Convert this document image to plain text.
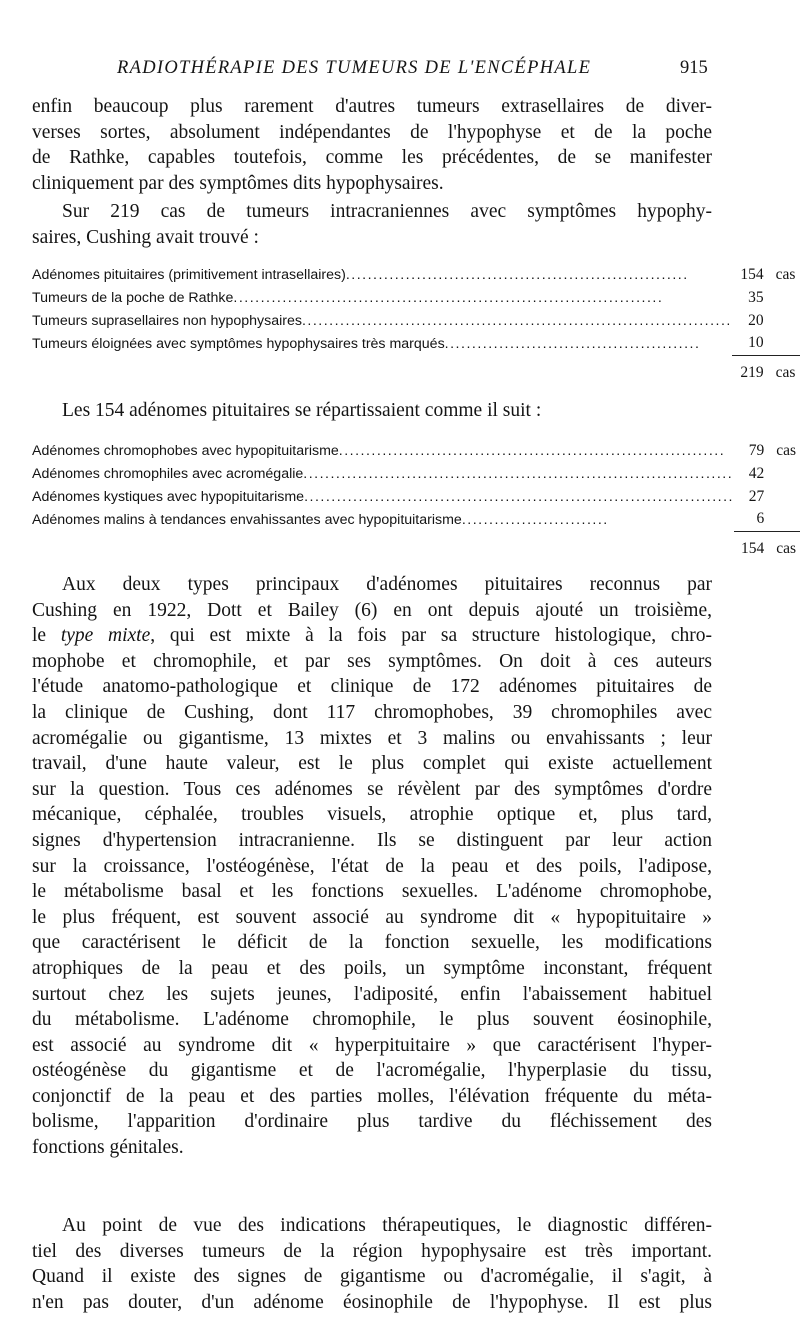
RADIOTHÉRAPIE DES TUMEURS DE L'ENCÉPHALE	915
enfin beaucoup plus rarement d'autres tumeurs extrasellaires de diver-
verses sortes, absolument indépendantes de l'hypophyse et de la poche
de Rathke, capables toutefois, comme les précédentes, de se manifester
cliniquement par des symptômes dits hypophysaires.
Sur 219 cas de tumeurs intracraniennes avec symptômes hypophy-
saires, Cushing avait trouvé :
Adénomes pituitaires (primitivement intrasellaires)...............................................................	154	cas
Tumeurs de la poche de Rathke...............................................................................	35	
Tumeurs suprasellaires non hypophysaires...............................................................................	20	
Tumeurs éloignées avec symptômes hypophysaires très marqués...............................................	10	
	219	cas
Les 154 adénomes pituitaires se répartissaient comme il suit :
Adénomes chromophobes avec hypopituitarisme.......................................................................	79	cas
Adénomes chromophiles avec acromégalie...............................................................................	42	
Adénomes kystiques avec hypopituitarisme...............................................................................	27	
Adénomes malins à tendances envahissantes avec hypopituitarisme...........................	6	
	154	cas
Aux deux types principaux d'adénomes pituitaires reconnus par
Cushing en 1922, Dott et Bailey (6) en ont depuis ajouté un troisième,
le type mixte, qui est mixte à la fois par sa structure histologique, chro-
mophobe et chromophile, et par ses symptômes. On doit à ces auteurs
l'étude anatomo-pathologique et clinique de 172 adénomes pituitaires de
la clinique de Cushing, dont 117 chromophobes, 39 chromophiles avec
acromégalie ou gigantisme, 13 mixtes et 3 malins ou envahissants ; leur
travail, d'une haute valeur, est le plus complet qui existe actuellement
sur la question. Tous ces adénomes se révèlent par des symptômes d'ordre
mécanique, céphalée, troubles visuels, atrophie optique et, plus tard,
signes d'hypertension intracranienne. Ils se distinguent par leur action
sur la croissance, l'ostéogénèse, l'état de la peau et des poils, l'adipose,
le métabolisme basal et les fonctions sexuelles. L'adénome chromophobe,
le plus fréquent, est souvent associé au syndrome dit « hypopituitaire »
que caractérisent le déficit de la fonction sexuelle, les modifications
atrophiques de la peau et des poils, un symptôme inconstant, fréquent
surtout chez les sujets jeunes, l'adiposité, enfin l'abaissement habituel
du métabolisme. L'adénome chromophile, le plus souvent éosinophile,
est associé au syndrome dit « hyperpituitaire » que caractérisent l'hyper-
ostéogénèse du gigantisme et de l'acromégalie, l'hyperplasie du tissu,
conjonctif de la peau et des parties molles, l'élévation fréquente du méta-
bolisme, l'apparition d'ordinaire plus tardive du fléchissement des
fonctions génitales.
Au point de vue des indications thérapeutiques, le diagnostic différen-
tiel des diverses tumeurs de la région hypophysaire est très important.
Quand il existe des signes de gigantisme ou d'acromégalie, il s'agit, à
n'en pas douter, d'un adénome éosinophile de l'hypophyse. Il est plus
